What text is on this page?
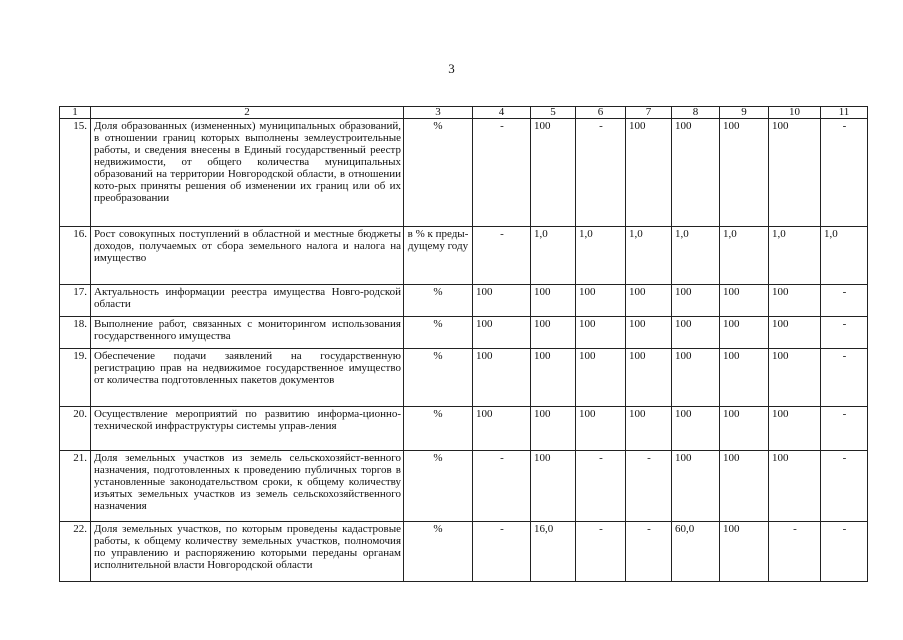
3
1	2	3	4	5	6	7	8	9	10	11
15.	Доля образованных (измененных) муниципальных образований, в отношении границ которых выполнены землеустроительные работы, и сведения внесены в Единый государственный реестр недвижимости, от общего количества муниципальных образований на территории Новгородской области, в отношении кото-рых приняты решения об изменении их границ или об их преобразовании	%	-	100	-	100	100	100	100	-
16.	Рост совокупных поступлений в областной и местные бюджеты доходов, получаемых от сбора земельного налога и налога на имущество	в % к преды-дущему году	-	1,0	1,0	1,0	1,0	1,0	1,0	1,0
17.	Актуальность информации реестра имущества Новго-родской области	%	100	100	100	100	100	100	100	-
18.	Выполнение работ, связанных с мониторингом использования государственного имущества	%	100	100	100	100	100	100	100	-
19.	Обеспечение подачи заявлений на государственную регистрацию прав на недвижимое государственное имущество от количества подготовленных пакетов документов	%	100	100	100	100	100	100	100	-
20.	Осуществление мероприятий по развитию информа-ционно-технической инфраструктуры системы управ-ления	%	100	100	100	100	100	100	100	-
21.	Доля земельных участков из земель сельскохозяйст-венного назначения, подготовленных к проведению публичных торгов в установленные законодательством сроки, к общему количеству изъятых земельных участков из земель сельскохозяйственного назначения	%	-	100	-	-	100	100	100	-
22.	Доля земельных участков, по которым проведены кадастровые работы, к общему количеству земельных участков, полномочия по управлению и распоряжению которыми переданы органам исполнительной власти Новгородской области	%	-	16,0	-	-	60,0	100	-	-
